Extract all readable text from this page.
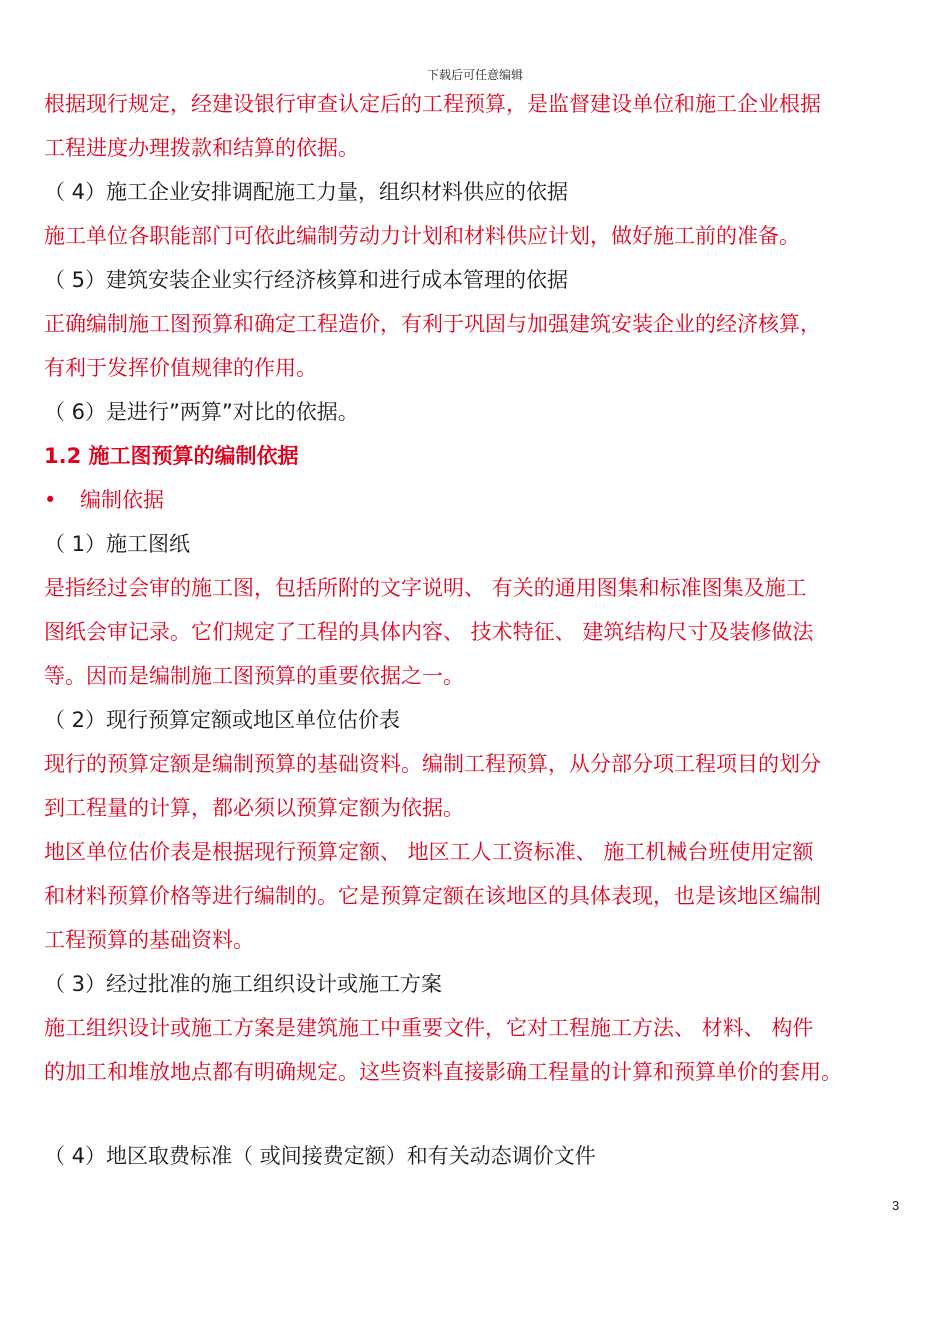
下载后可任意编辑
根据现行规定，经建设银行审查认定后的工程预算，是监督建设单位和施工企业根据
工程进度办理拨款和结算的依据。
（ 4）施工企业安排调配施工力量，组织材料供应的依据
施工单位各职能部门可依此编制劳动力计划和材料供应计划，做好施工前的准备。
（ 5）建筑安装企业实行经济核算和进行成本管理的依据
正确编制施工图预算和确定工程造价，有利于巩固与加强建筑安装企业的经济核算，
有利于发挥价值规律的作用。
（ 6）是进行”两算”对比的依据。
1.2 施工图预算的编制依据
• 编制依据
（ 1）施工图纸
是指经过会审的施工图，包括所附的文字说明、 有关的通用图集和标准图集及施工
图纸会审记录。它们规定了工程的具体内容、 技术特征、 建筑结构尺寸及装修做法
等。因而是编制施工图预算的重要依据之一。
（ 2）现行预算定额或地区单位估价表
现行的预算定额是编制预算的基础资料。编制工程预算，从分部分项工程项目的划分
到工程量的计算，都必须以预算定额为依据。
地区单位估价表是根据现行预算定额、 地区工人工资标准、 施工机械台班使用定额
和材料预算价格等进行编制的。它是预算定额在该地区的具体表现，也是该地区编制
工程预算的基础资料。
（ 3）经过批准的施工组织设计或施工方案
施工组织设计或施工方案是建筑施工中重要文件，它对工程施工方法、 材料、 构件
的加工和堆放地点都有明确规定。这些资料直接影确工程量的计算和预算单价的套用。
（ 4）地区取费标准（ 或间接费定额）和有关动态调价文件
3
